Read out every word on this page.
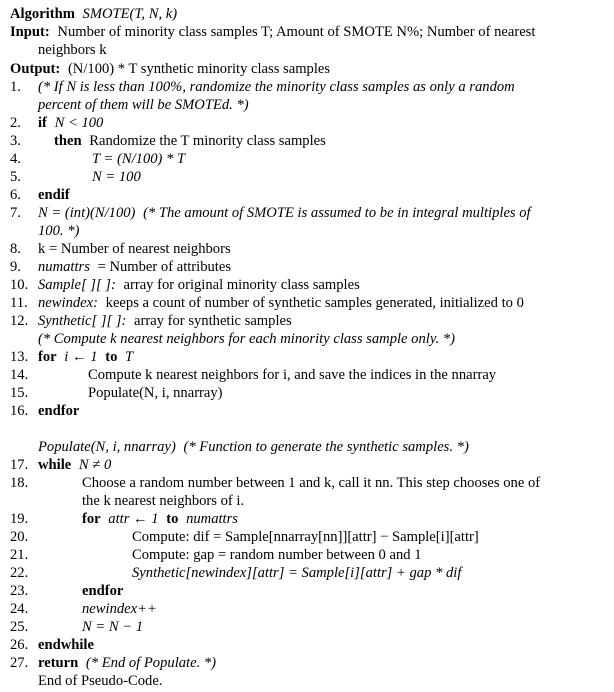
Algorithm SMOTE(T, N, k)
Input: Number of minority class samples T; Amount of SMOTE N%; Number of nearest
neighbors k
Output: (N/100) * T synthetic minority class samples
1.	(* If N is less than 100%, randomize the minority class samples as only a random
percent of them will be SMOTEd. *)
2.	if N < 100
3.	then Randomize the T minority class samples
4.	T = (N/100) * T
5.	N = 100
6.	endif
7.	N = (int)(N/100) (* The amount of SMOTE is assumed to be in integral multiples of
100. *)
8.	k = Number of nearest neighbors
9.	numattrs = Number of attributes
10. Sample[ ][ ]: array for original minority class samples
11. newindex: keeps a count of number of synthetic samples generated, initialized to 0
12. Synthetic[ ][ ]: array for synthetic samples
(* Compute k nearest neighbors for each minority class sample only. *)
13. for i ← 1 to T
14.	Compute k nearest neighbors for i, and save the indices in the nnarray
15.	Populate(N, i, nnarray)
16. endfor
Populate(N, i, nnarray) (* Function to generate the synthetic samples. *)
17. while N ≠ 0
18.	Choose a random number between 1 and k, call it nn. This step chooses one of
the k nearest neighbors of i.
19.	for attr ← 1 to numattrs
20.	Compute: dif = Sample[nnarray[nn]][attr] − Sample[i][attr]
21.	Compute: gap = random number between 0 and 1
22.	Synthetic[newindex][attr] = Sample[i][attr] + gap * dif
23.	endfor
24.	newindex++
25.	N = N − 1
26. endwhile
27. return (* End of Populate. *)
End of Pseudo-Code.
